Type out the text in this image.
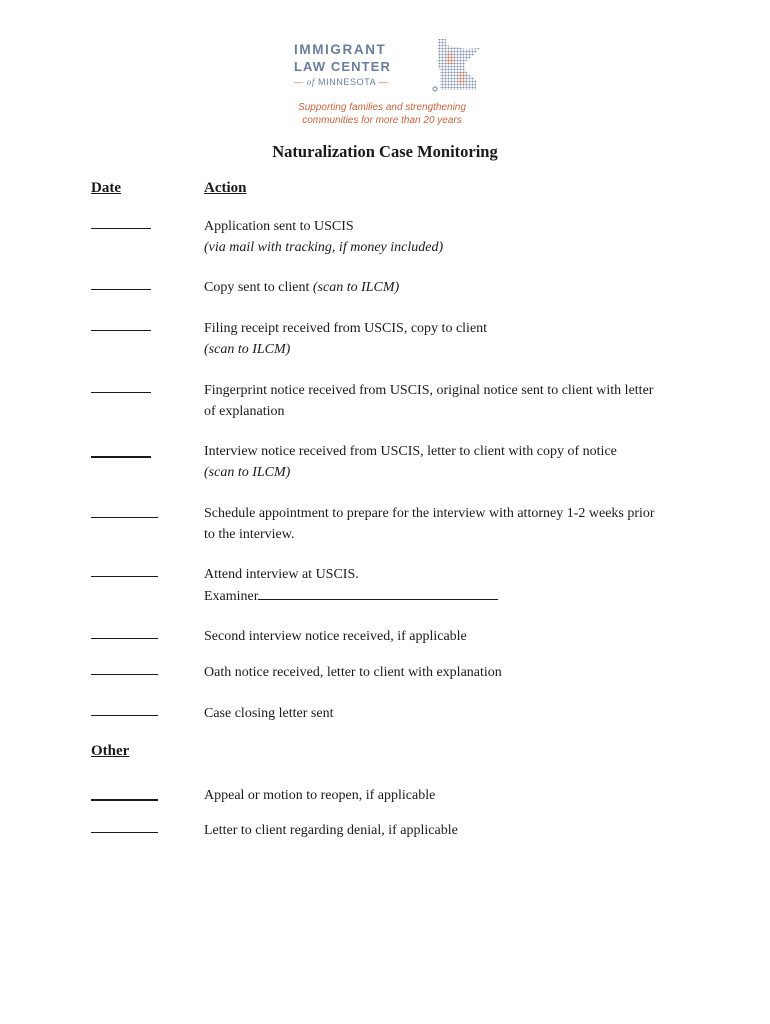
IMMIGRANT
LAW CENTER
— of MINNESOTA —
Supporting families and strengthening
communities for more than 20 years
Naturalization Case Monitoring
Date	Action
Application sent to USCIS
(via mail with tracking, if money included)
Copy sent to client (scan to ILCM)
Filing receipt received from USCIS, copy to client
(scan to ILCM)
Fingerprint notice received from USCIS, original notice sent to client with letter of explanation
Interview notice received from USCIS, letter to client with copy of notice
(scan to ILCM)
Schedule appointment to prepare for the interview with attorney 1-2 weeks prior to the interview.
Attend interview at USCIS.
Examiner
Second interview notice received, if applicable
Oath notice received, letter to client with explanation
Case closing letter sent
Other
Appeal or motion to reopen, if applicable
Letter to client regarding denial, if applicable
